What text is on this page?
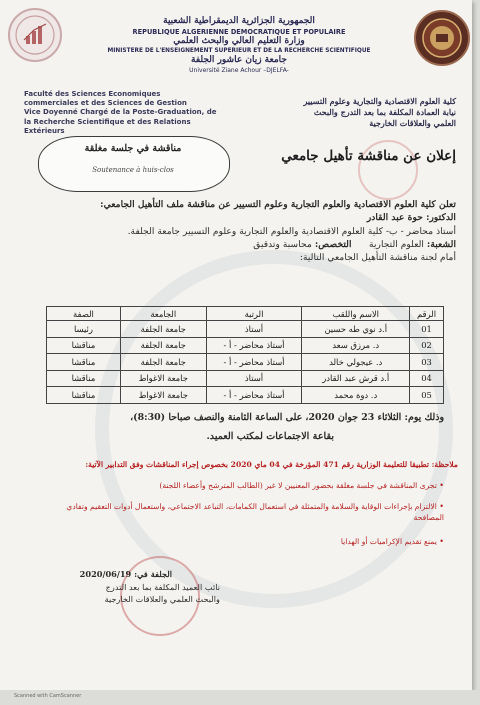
الجمهورية الجزائرية الديمقراطية الشعبية
REPUBLIQUE ALGERIENNE DEMOCRATIQUE ET POPULAIRE
وزارة التعليم العالي والبحث العلمي
MINISTERE DE L'ENSEIGNEMENT SUPERIEUR ET DE LA RECHERCHE SCIENTIFIQUE
جامعة زيان عاشور الجلفة
Université Ziane Achour –DJELFA-
Faculté des Sciences Economiques
commerciales et des Sciences de Gestion
Vice Doyenné Chargé de la Poste-Graduation, de
la Recherche Scientifique et des Relations
Extérieurs
كلية العلوم الاقتصادية والتجارية وعلوم التسيير
نيابة العمادة المكلفة بما بعد التدرج والبحث
العلمي والعلاقات الخارجية
مناقشة في جلسة مغلقة
Soutenance à huis-clos
إعلان عن مناقشة تأهيل جامعي
تعلن كلية العلوم الاقتصادية والعلوم التجارية وعلوم التسيير عن مناقشة ملف التأهيل الجامعي:
الدكتور: حوة عبد القادر
أستاذ محاضر - ب- كلية العلوم الاقتصادية والعلوم التجارية وعلوم التسيير جامعة الجلفة.
الشعبة: العلوم التجارية      التخصص: محاسبة وتدقيق
أمام لجنة مناقشة التأهيل الجامعي التالية:
الرقم	الاسم واللقب	الرتبة	الجامعة	الصفة
01	أ.د نوي طه حسين	أستاذ	جامعة الجلفة	رئيسا
02	د. مرزق سعد	أستاذ محاضر - أ -	جامعة الجلفة	مناقشا
03	د. عيجولي خالد	أستاذ محاضر - أ -	جامعة الجلفة	مناقشا
04	أ.د قرش عبد القادر	أستاذ	جامعة الاغواط	مناقشا
05	د. دوة محمد	أستاذ محاضر - أ -	جامعة الاغواط	مناقشا
وذلك يوم: الثلاثاء 23 جوان 2020، على الساعة الثامنة والنصف صباحا (8:30)،
بقاعة الاجتماعات لمكتب العميد.
ملاحظة: تطبيقا للتعليمة الوزارية رقم 471 المؤرخة في 04 ماي 2020 بخصوص إجراء المناقشات وفق التدابير الآتية:
• تجرى المناقشة في جلسة مغلقة بحضور المعنيين لا غير (الطالب المترشح وأعضاء اللجنة)
• الالتزام بإجراءات الوقاية والسلامة والمتمثلة في استعمال الكمامات، التباعد الاجتماعي، واستعمال أدوات التعقيم وتفادي المصافحة
• يمنع تقديم الإكراميات أو الهدايا
الجلفة في: 2020/06/19
نائب العميد المكلفة بما بعد التدرج
والبحث العلمي والعلاقات الخارجية
Scanned with CamScanner
